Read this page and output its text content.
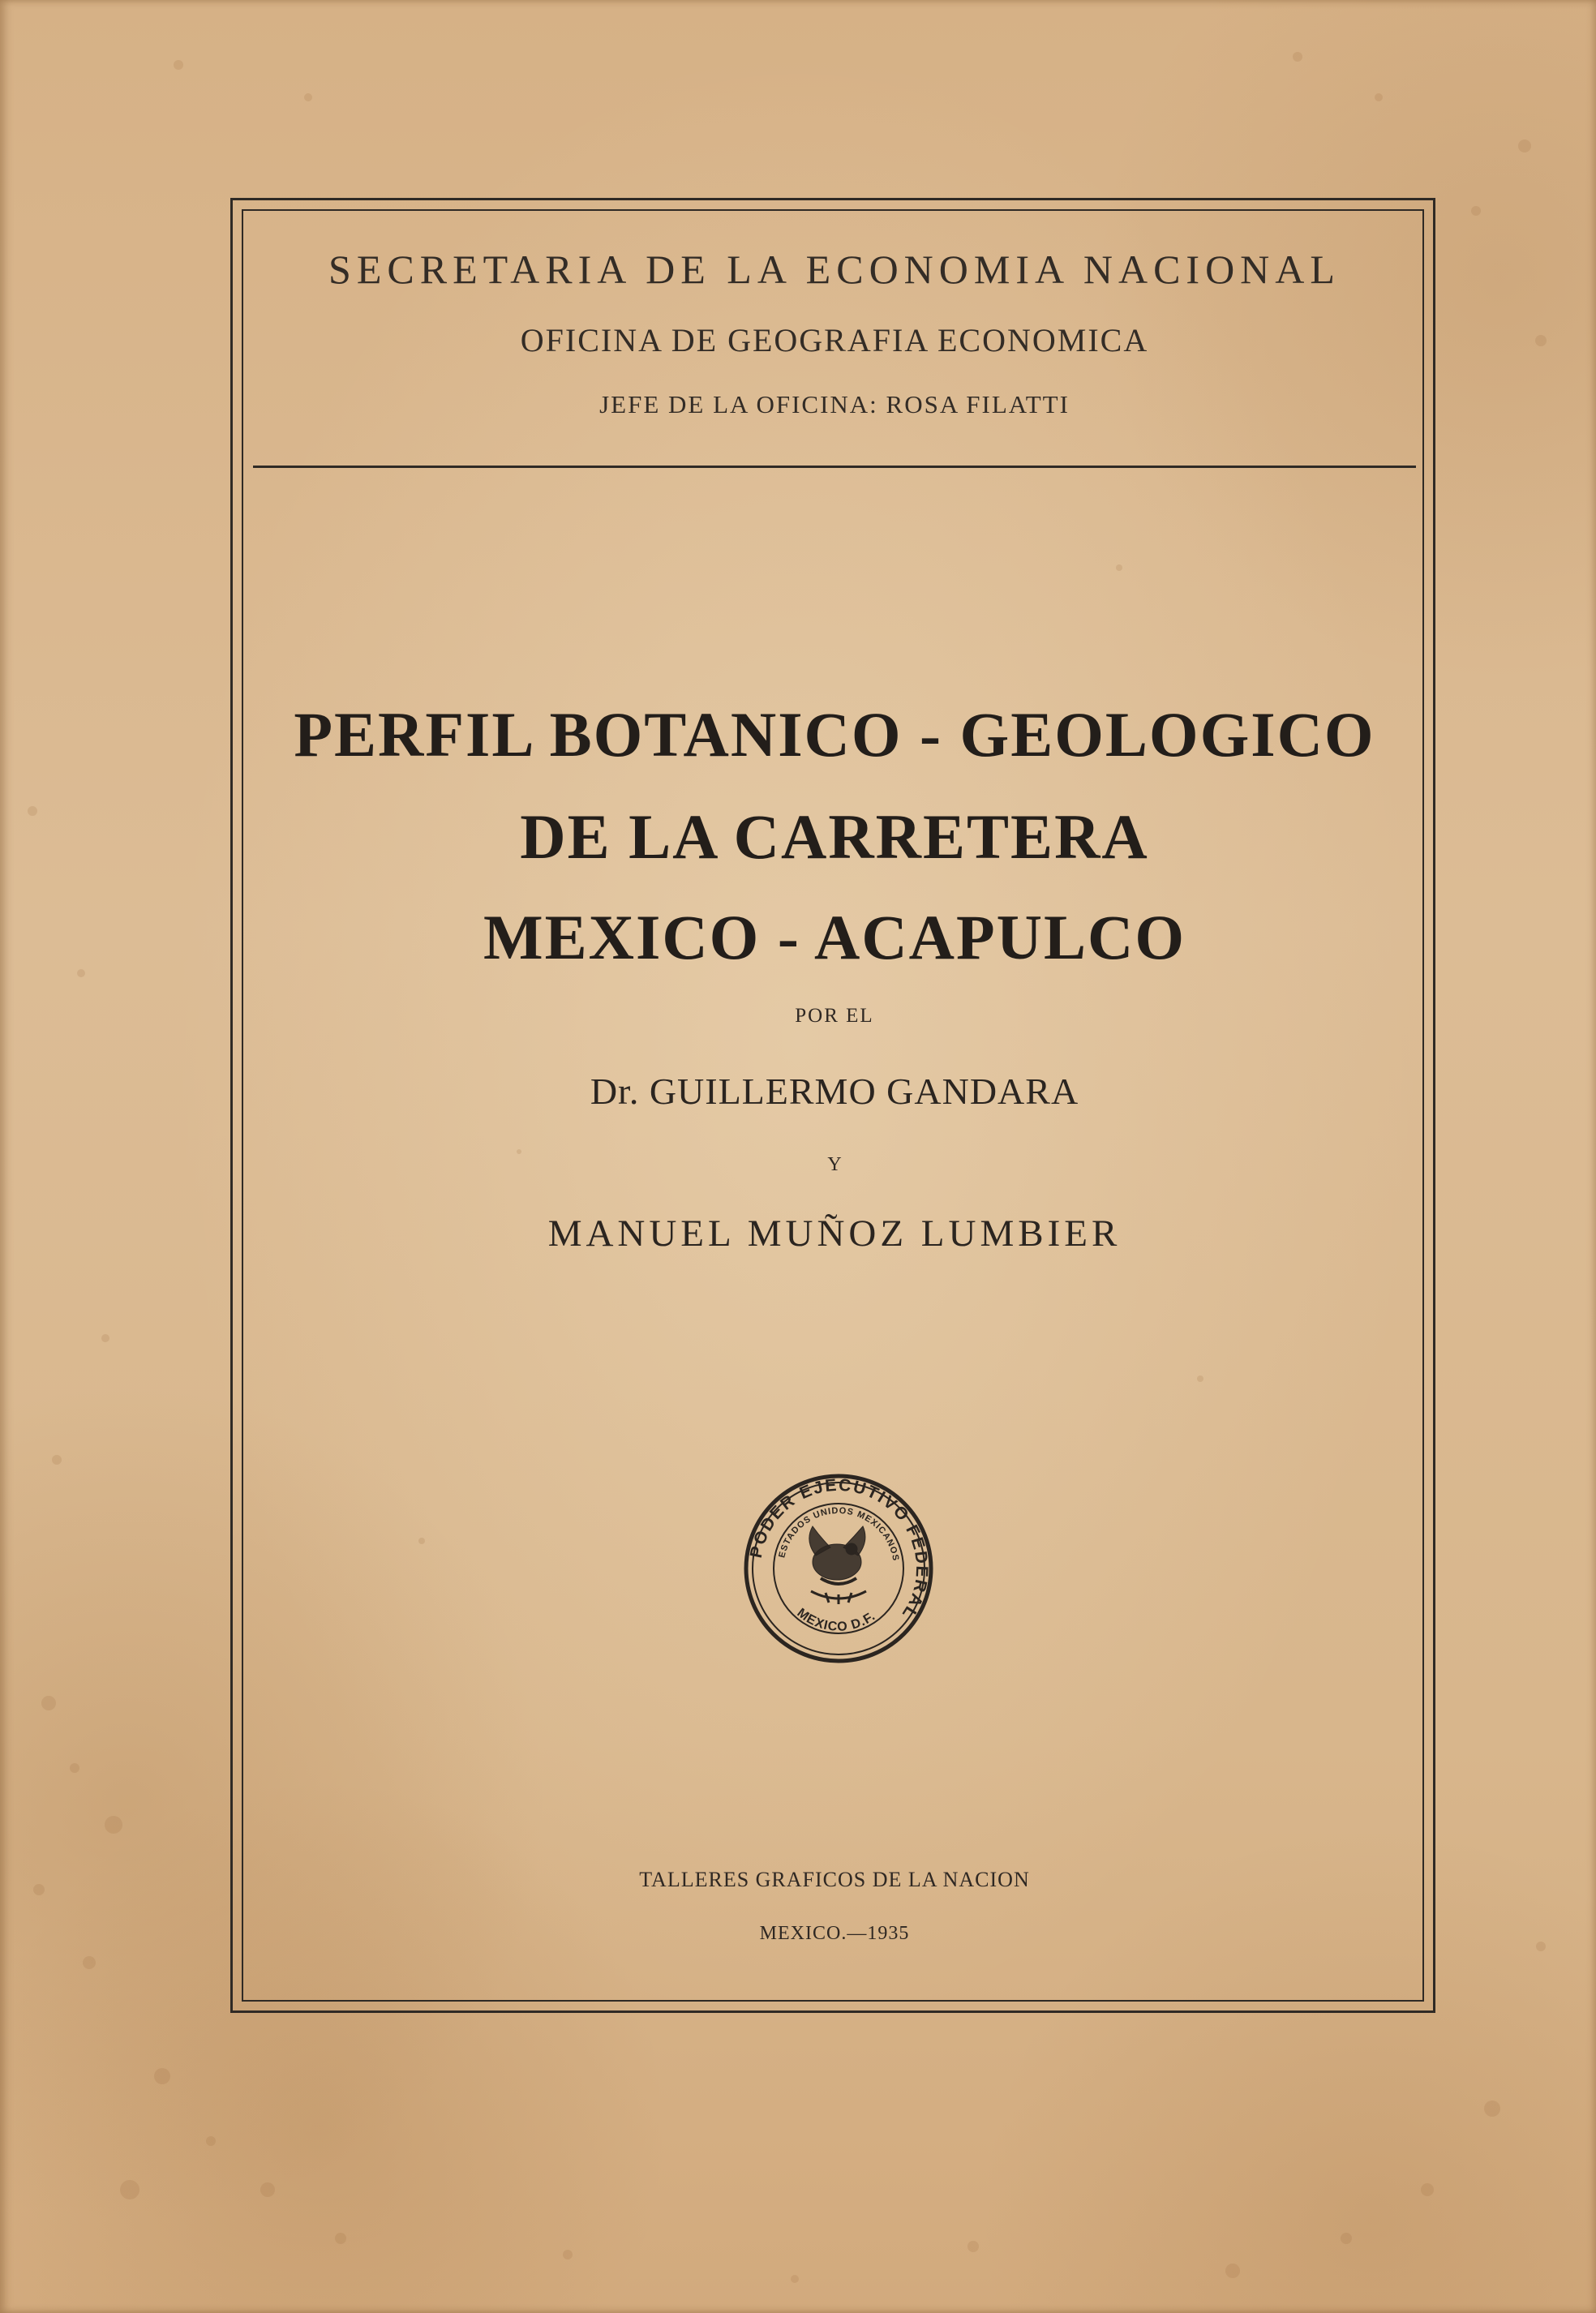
SECRETARIA DE LA ECONOMIA NACIONAL

OFICINA DE GEOGRAFIA ECONOMICA

JEFE DE LA OFICINA: ROSA FILATTI

PERFIL BOTANICO - GEOLOGICO
DE LA CARRETERA
MEXICO - ACAPULCO

POR EL

Dr. GUILLERMO GANDARA

Y

MANUEL MUÑOZ LUMBIER

PODER EJECUTIVO FEDERAL
ESTADOS UNIDOS MEXICANOS
MEXICO D.F.

TALLERES GRAFICOS DE LA NACION

MEXICO.—1935
